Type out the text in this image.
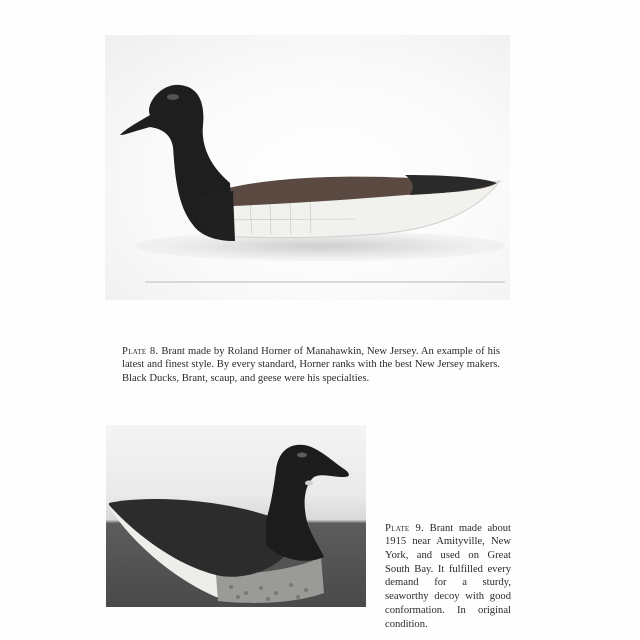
Plate 8. Brant made by Roland Horner of Manahawkin, New Jersey. An example of his latest and finest style. By every standard, Horner ranks with the best New Jersey makers. Black Ducks, Brant, scaup, and geese were his specialties.

Plate 9. Brant made about 1915 near Amityville, New York, and used on Great South Bay. It fulfilled every demand for a sturdy, seaworthy decoy with good conformation. In original condition.
